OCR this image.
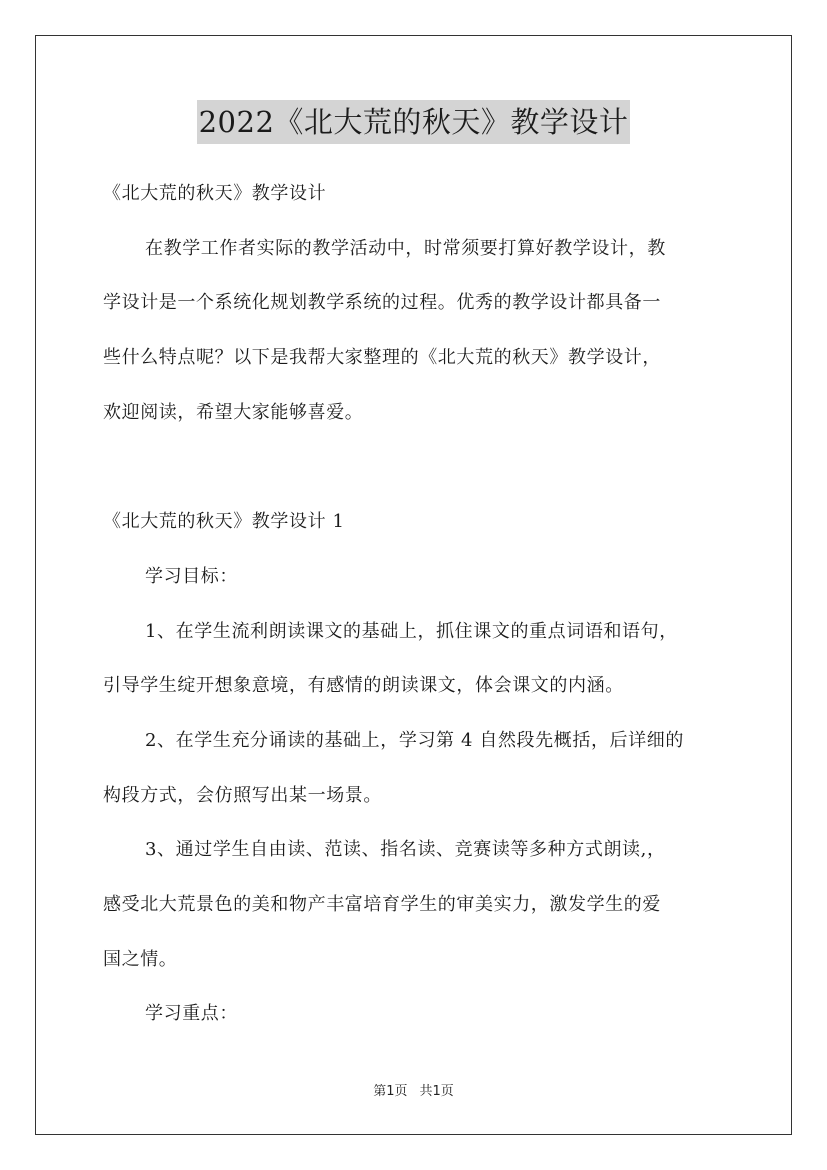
2022《北大荒的秋天》教学设计
《北大荒的秋天》教学设计
在教学工作者实际的教学活动中，时常须要打算好教学设计，教
学设计是一个系统化规划教学系统的过程。优秀的教学设计都具备一
些什么特点呢？以下是我帮大家整理的《北大荒的秋天》教学设计，
欢迎阅读，希望大家能够喜爱。
《北大荒的秋天》教学设计 1
学习目标：
1、在学生流利朗读课文的基础上，抓住课文的重点词语和语句，
引导学生绽开想象意境，有感情的朗读课文，体会课文的内涵。
2、在学生充分诵读的基础上，学习第 4 自然段先概括，后详细的
构段方式，会仿照写出某一场景。
3、通过学生自由读、范读、指名读、竞赛读等多种方式朗读,，
感受北大荒景色的美和物产丰富培育学生的审美实力，激发学生的爱
国之情。
学习重点：
第1页 共1页
